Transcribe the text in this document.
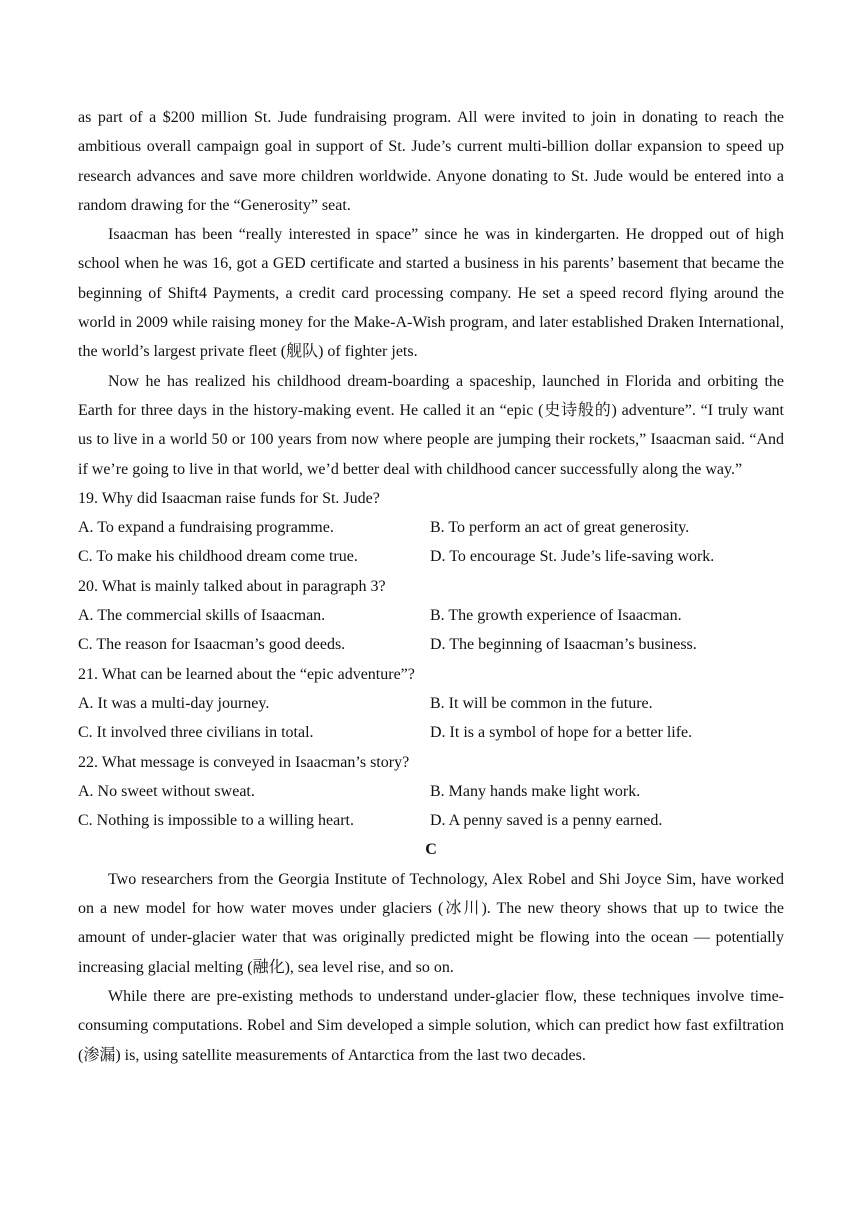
as part of a $200 million St. Jude fundraising program. All were invited to join in donating to reach the ambitious overall campaign goal in support of St. Jude’s current multi-billion dollar expansion to speed up research advances and save more children worldwide. Anyone donating to St. Jude would be entered into a random drawing for the “Generosity” seat.

Isaacman has been “really interested in space” since he was in kindergarten. He dropped out of high school when he was 16, got a GED certificate and started a business in his parents’ basement that became the beginning of Shift4 Payments, a credit card processing company. He set a speed record flying around the world in 2009 while raising money for the Make-A-Wish program, and later established Draken International, the world’s largest private fleet (舰队) of fighter jets.

Now he has realized his childhood dream-boarding a spaceship, launched in Florida and orbiting the Earth for three days in the history-making event. He called it an “epic (史诗般的) adventure”. “I truly want us to live in a world 50 or 100 years from now where people are jumping their rockets,” Isaacman said. “And if we’re going to live in that world, we’d better deal with childhood cancer successfully along the way.”

19. Why did Isaacman raise funds for St. Jude?

A. To expand a fundraising programme.	B. To perform an act of great generosity.
C. To make his childhood dream come true.	D. To encourage St. Jude’s life-saving work.

20. What is mainly talked about in paragraph 3?

A. The commercial skills of Isaacman.	B. The growth experience of Isaacman.
C. The reason for Isaacman’s good deeds.	D. The beginning of Isaacman’s business.

21. What can be learned about the “epic adventure”?

A. It was a multi-day journey.	B. It will be common in the future.
C. It involved three civilians in total.	D. It is a symbol of hope for a better life.

22. What message is conveyed in Isaacman’s story?

A. No sweet without sweat.	B. Many hands make light work.
C. Nothing is impossible to a willing heart.	D. A penny saved is a penny earned.

C

Two researchers from the Georgia Institute of Technology, Alex Robel and Shi Joyce Sim, have worked on a new model for how water moves under glaciers (冰川). The new theory shows that up to twice the amount of under-glacier water that was originally predicted might be flowing into the ocean — potentially increasing glacial melting (融化), sea level rise, and so on.

While there are pre-existing methods to understand under-glacier flow, these techniques involve time-consuming computations. Robel and Sim developed a simple solution, which can predict how fast exfiltration (渗漏) is, using satellite measurements of Antarctica from the last two decades.
